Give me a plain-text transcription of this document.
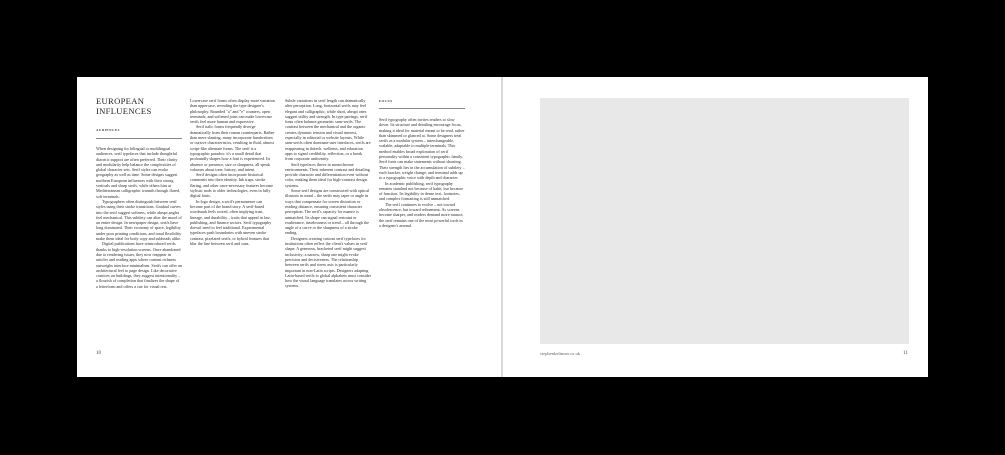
EUROPEAN INFLUENCES
AUDIENCES

When designing for bilingual or multilingual audiences, serif typefaces that include thoughtful diacritic support are often preferred. Their clarity and modularity help balance the complexities of global character sets. Serif styles can evoke geography as well as time. Some designs suggest northern European influences with their strong verticals and sharp serifs, while others hint at Mediterranean calligraphic warmth through flared, soft terminals.

Typographers often distinguish between serif styles using their stroke transitions. Gradual curves into the serif suggest softness, while abrupt angles feel mechanical. This subtlety can alter the mood of an entire design. In newspaper design, serifs have long dominated. Their economy of space, legibility under poor printing conditions, and tonal flexibility make them ideal for body copy and subheads alike.

Digital publications have reintroduced serifs thanks to high-resolution screens. Once abandoned due to rendering issues, they now reappear in articles and reading apps where content richness outweighs interface minimalism. Serifs can offer an architectural feel to page design. Like decorative cornices on buildings, they suggest intentionality – a flourish of completion that finalizes the shape of a letterform and offers a cue for visual rest.

Lowercase serif forms often display more variation than uppercase, revealing the type designer's philosophy. Rounded "a" and "e" counters, open terminals, and softened joins can make lowercase serifs feel more human and expressive.

Serif italic forms frequently diverge dramatically from their roman counterparts. Rather than mere slanting, many incorporate handwritten or cursive characteristics, resulting in fluid, almost script-like alternate forms. The serif is a typographic paradox: it's a small detail that profoundly shapes how a font is experienced. Its absence or presence, size or sharpness, all speak volumes about tone, history, and intent.

Serif designs often incorporate historical comments into their identity. Ink traps, stroke flaring, and other once-necessary features become stylistic nods to older technologies, even in fully digital fonts.

In logo design, a serif's permanence can become part of the brand story. A serif-based wordmark feels rooted, often implying trust, lineage, and durability – traits that appeal in law, publishing, and finance sectors. Serif typography doesn't need to feel traditional. Experimental typefaces push boundaries with uneven stroke contrast, pixelated serifs, or hybrid features that blur the line between serif and sans.

Subtle variations in serif length can dramatically alter perception. Long, horizontal serifs may feel elegant and calligraphic, while short, abrupt ones suggest utility and strength. In type pairings, serif fonts often balance geometric sans-serifs. The contrast between the mechanical and the organic creates dynamic tension and visual interest, especially in editorial or website layouts. While sans-serifs often dominate user interfaces, serifs are reappearing in fintech, wellness, and education apps to signal credibility, reflection, or a break from corporate uniformity.

Serif typefaces thrive in monochrome environments. Their inherent contrast and detailing provide character and differentiation even without color, making them ideal for high-contrast design systems.

Some serif designs are constructed with optical illusions in mind – the serifs may taper or angle in ways that compensate for screen distortion or reading distance, ensuring consistent character perception. The serif's capacity for nuance is unmatched. Its shape can signal restraint or exuberance, timelessness or trend – all through the angle of a curve or the sharpness of a stroke ending.

Designers creating custom serif typefaces for institutions often reflect the client's values in serif shape. A generous, bracketed serif might suggest inclusivity; a narrow, sharp one might evoke precision and decisiveness. The relationship between serifs and stress axis is particularly important in non-Latin scripts. Designers adapting Latin-based serifs to global alphabets must consider how the visual language translates across writing systems.

FOCUS

Serif typography often invites readers to slow down. Its structure and detailing encourage focus, making it ideal for material meant to be read, rather than skimmed or glanced at. Some designers treat serifs as a modular system – interchangeable, scalable, adaptable to multiple terminals. This method enables broad exploration of serif personality within a consistent typographic family. Serif fonts can make statements without shouting. Their strength lies in the accumulation of subtlety – each bracket, weight change, and terminal adds up to a typographic voice with depth and character.

In academic publishing, serif typography remains standard not because of habit, but because of function. Its legibility in dense text, footnotes, and complex formatting is still unmatched.

The serif continues to evolve – not toward obsolescence, but toward refinement. As screens become sharper, and readers demand more nuance, the serif remains one of the most powerful tools in a designer's arsenal.

10	stephenkeltman.co.uk	11
